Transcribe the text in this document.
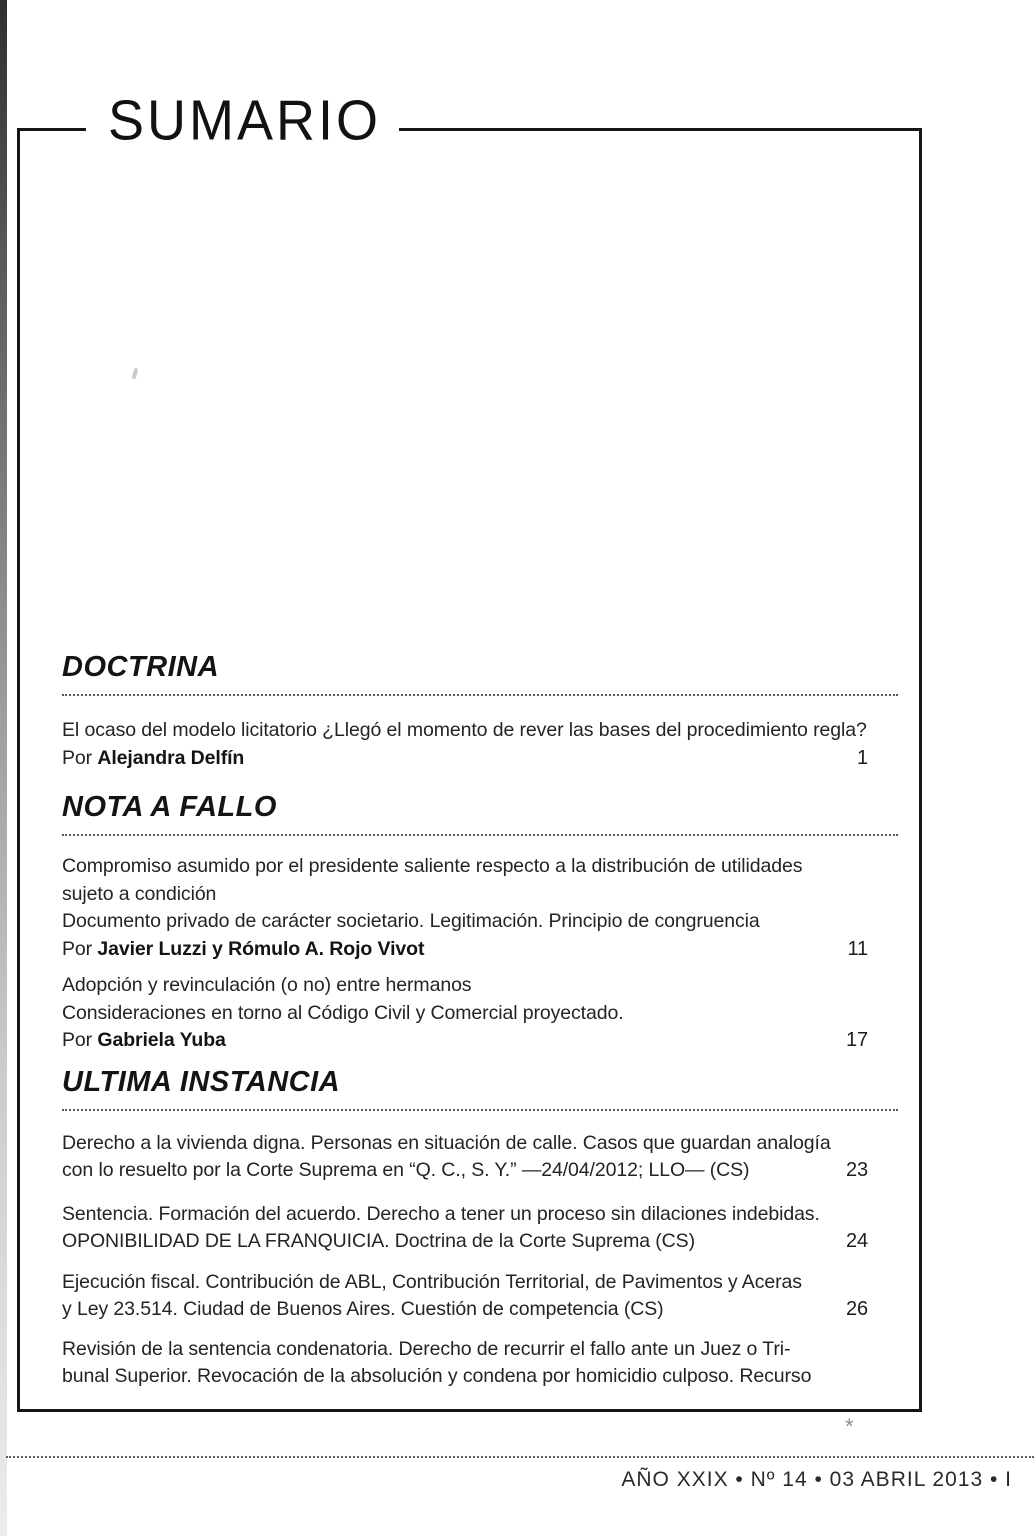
SUMARIO
DOCTRINA
El ocaso del modelo licitatorio ¿Llegó el momento de rever las bases del procedimiento regla?
Por Alejandra Delfín	1
NOTA A FALLO
Compromiso asumido por el presidente saliente respecto a la distribución de utilidades
sujeto a condición
Documento privado de carácter societario. Legitimación. Principio de congruencia
Por Javier Luzzi y Rómulo A. Rojo Vivot	11
Adopción y revinculación (o no) entre hermanos
Consideraciones en torno al Código Civil y Comercial proyectado.
Por Gabriela Yuba	17
ULTIMA INSTANCIA
Derecho a la vivienda digna. Personas en situación de calle. Casos que guardan analogía
con lo resuelto por la Corte Suprema en “Q. C., S. Y.” —24/04/2012; LLO— (CS)	23
Sentencia. Formación del acuerdo. Derecho a tener un proceso sin dilaciones indebidas.
OPONIBILIDAD DE LA FRANQUICIA. Doctrina de la Corte Suprema (CS)	24
Ejecución fiscal. Contribución de ABL, Contribución Territorial, de Pavimentos y Aceras
y Ley 23.514. Ciudad de Buenos Aires. Cuestión de competencia (CS)	26
Revisión de la sentencia condenatoria. Derecho de recurrir el fallo ante un Juez o Tri-
bunal Superior. Revocación de la absolución y condena por homicidio culposo. Recurso
*
AÑO XXIX • Nº 14 • 03 ABRIL 2013 • I
